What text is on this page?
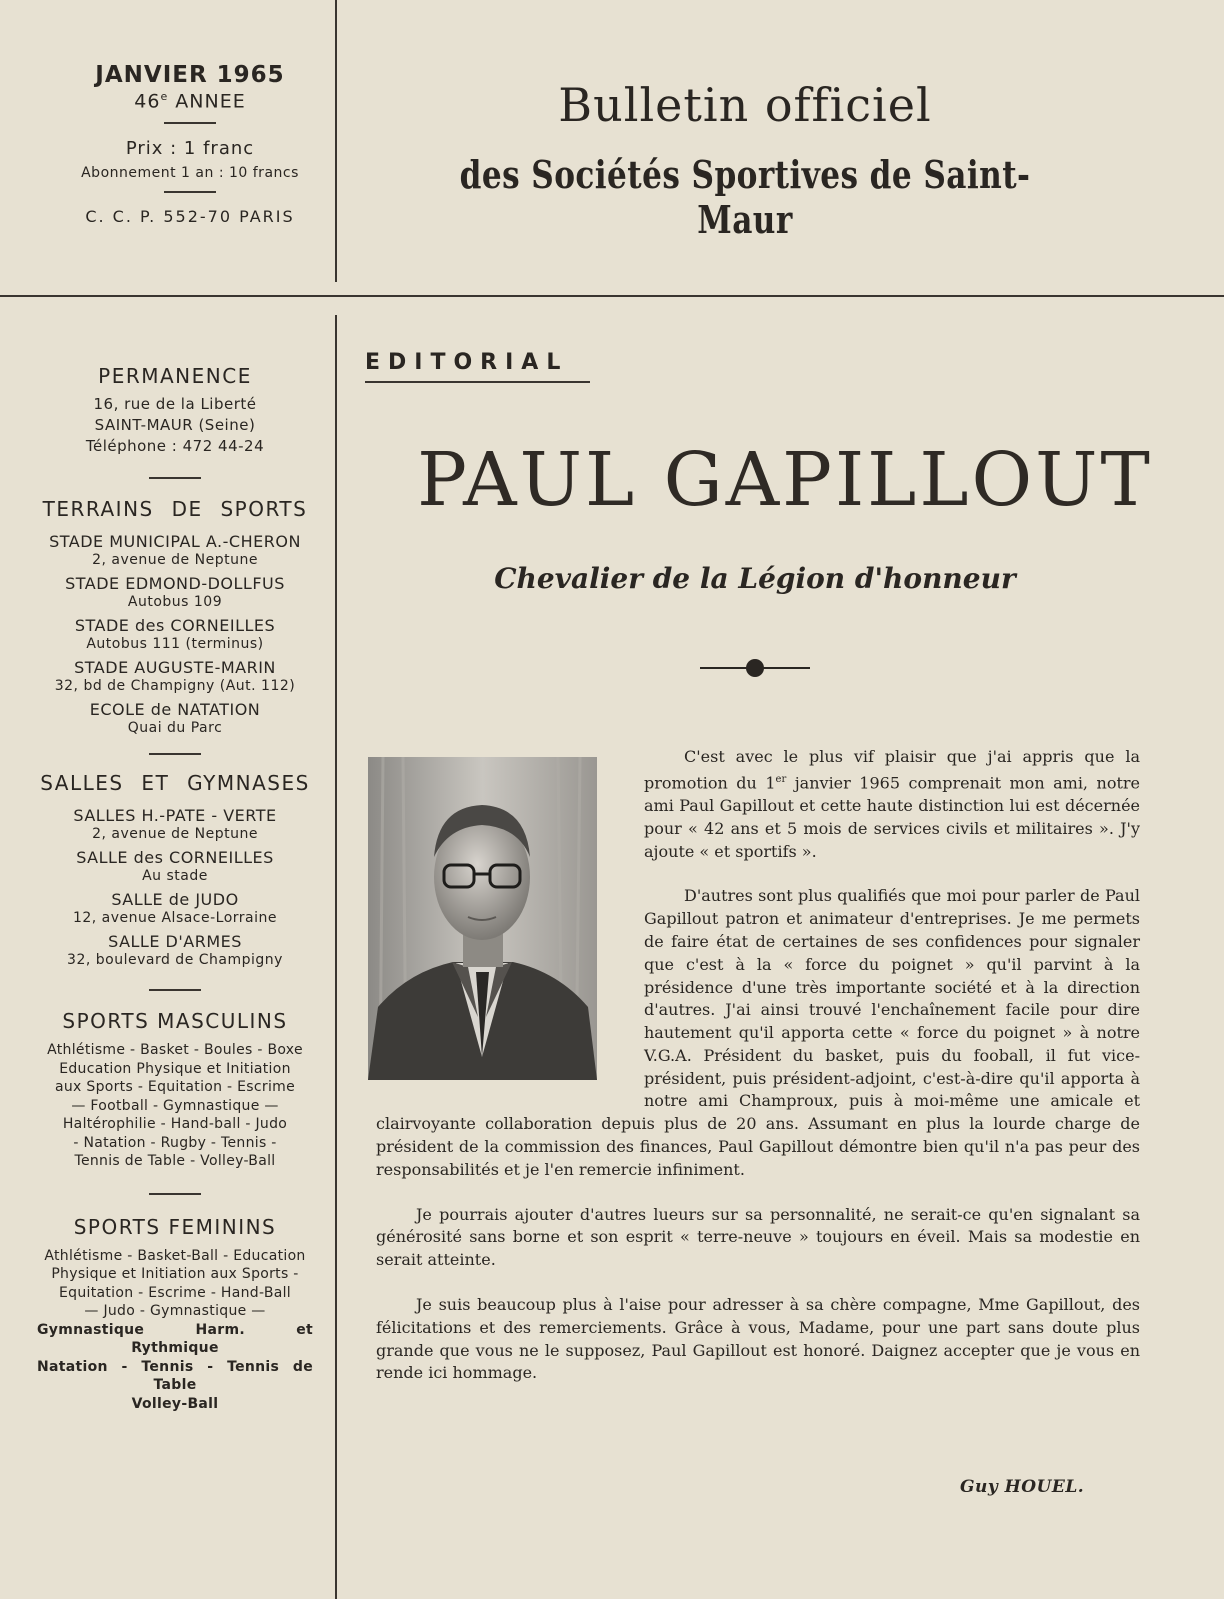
JANVIER 1965
46e ANNEE
Prix : 1 franc
Abonnement 1 an : 10 francs
C. C. P. 552-70 PARIS
Bulletin officiel
des Sociétés Sportives de Saint-Maur
PERMANENCE
16, rue de la Liberté
SAINT-MAUR (Seine)
Téléphone : 472 44-24
TERRAINS DE SPORTS
STADE MUNICIPAL A.-CHERON
2, avenue de Neptune
STADE EDMOND-DOLLFUS
Autobus 109
STADE des CORNEILLES
Autobus 111 (terminus)
STADE AUGUSTE-MARIN
32, bd de Champigny (Aut. 112)
ECOLE de NATATION
Quai du Parc
SALLES ET GYMNASES
SALLES H.-PATE - VERTE
2, avenue de Neptune
SALLE des CORNEILLES
Au stade
SALLE de JUDO
12, avenue Alsace-Lorraine
SALLE D'ARMES
32, boulevard de Champigny
SPORTS MASCULINS
Athlétisme - Basket - Boules - Boxe
Education Physique et Initiation
aux Sports - Equitation - Escrime
— Football - Gymnastique —
Haltérophilie - Hand-ball - Judo
- Natation - Rugby - Tennis -
Tennis de Table - Volley-Ball
SPORTS FEMININS
Athlétisme - Basket-Ball - Education
Physique et Initiation aux Sports -
Equitation - Escrime - Hand-Ball
— Judo - Gymnastique —
Gymnastique Harm. et Rythmique
Natation - Tennis - Tennis de Table
Volley-Ball
EDITORIAL
PAUL GAPILLOUT
Chevalier de la Légion d'honneur

C'est avec le plus vif plaisir que j'ai appris que la promotion du 1er janvier 1965 comprenait mon ami, notre ami Paul Gapillout et cette haute distinction lui est décernée pour « 42 ans et 5 mois de services civils et militaires ». J'y ajoute « et sportifs ».

D'autres sont plus qualifiés que moi pour parler de Paul Gapillout patron et animateur d'entreprises. Je me permets de faire état de certaines de ses confidences pour signaler que c'est à la « force du poignet » qu'il parvint à la présidence d'une très importante société et à la direction d'autres. J'ai ainsi trouvé l'enchaînement facile pour dire hautement qu'il apporta cette « force du poignet » à notre V.G.A. Président du basket, puis du fooball, il fut vice-président, puis président-adjoint, c'est-à-dire qu'il apporta à notre ami Champroux, puis à moi-même une amicale et clairvoyante collaboration depuis plus de 20 ans. Assumant en plus la lourde charge de président de la commission des finances, Paul Gapillout démontre bien qu'il n'a pas peur des responsabilités et je l'en remercie infiniment.

Je pourrais ajouter d'autres lueurs sur sa personnalité, ne serait-ce qu'en signalant sa générosité sans borne et son esprit « terre-neuve » toujours en éveil. Mais sa modestie en serait atteinte.

Je suis beaucoup plus à l'aise pour adresser à sa chère compagne, Mme Gapillout, des félicitations et des remerciements. Grâce à vous, Madame, pour une part sans doute plus grande que vous ne le supposez, Paul Gapillout est honoré. Daignez accepter que je vous en rende ici hommage.

Guy HOUEL.
